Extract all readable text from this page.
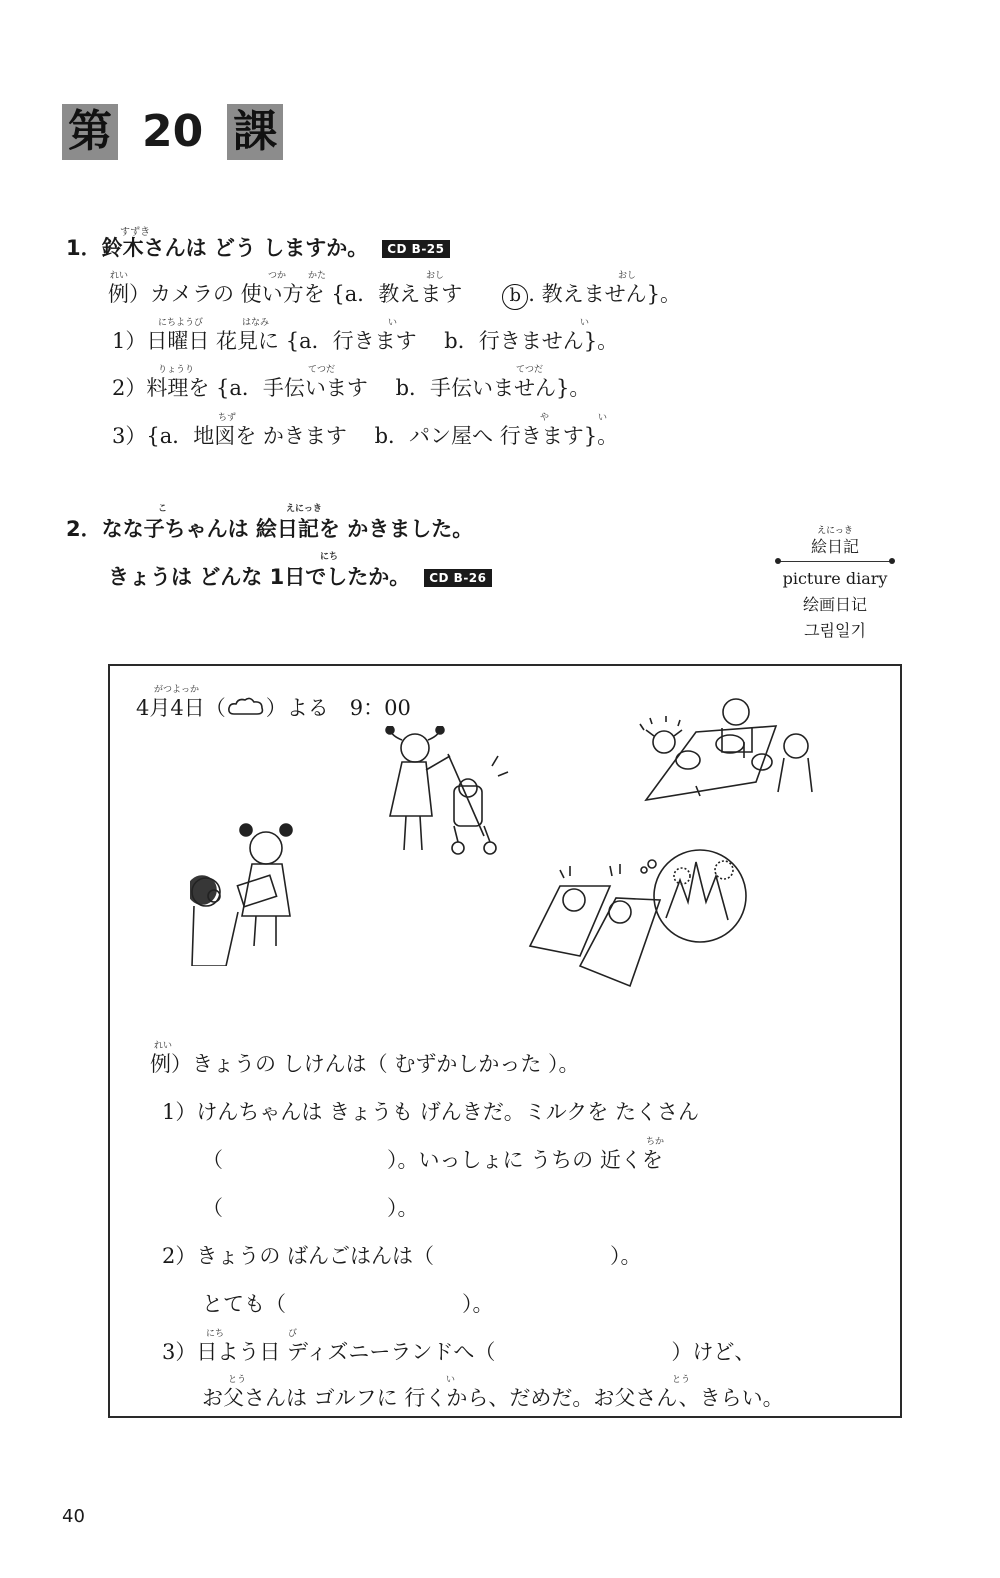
第 20 課
すずき
1．鈴木さんは どう しますか。 CD B-25
れい	つか かた	おし	おし
例）カメラの 使い方を {a．教えます	b . 教えません}。
にちようび	はなみ	い	い
1）日曜日 花見に {a．行きます　 b．行きません}。
りょうり	てつだ	てつだ
2）料理を {a．手伝います　 b．手伝いません}。
ちず	や	い
3）{a．地図を かきます　 b．パン屋へ 行きます}。
こ	えにっき
2．なな子ちゃんは 絵日記を かきました。
にち
きょうは どんな 1日でしたか。 CD B-26
えにっき
絵日記
picture diary
绘画日记
그림일기
がつよっか
4月4日（ ）よる　9：00
れい
例）きょうの しけんは（ むずかしかった ）。
1）けんちゃんは きょうも げんきだ。ミルクを たくさん
ちか
（	）。いっしょに うちの 近くを
（	）。
2）きょうの ばんごはんは（	）。
とても（	）。
にち	び
3）日よう日 ディズニーランドへ（	）けど、
とう	い	とう
お父さんは ゴルフに 行くから、だめだ。お父さん、きらい。
40
